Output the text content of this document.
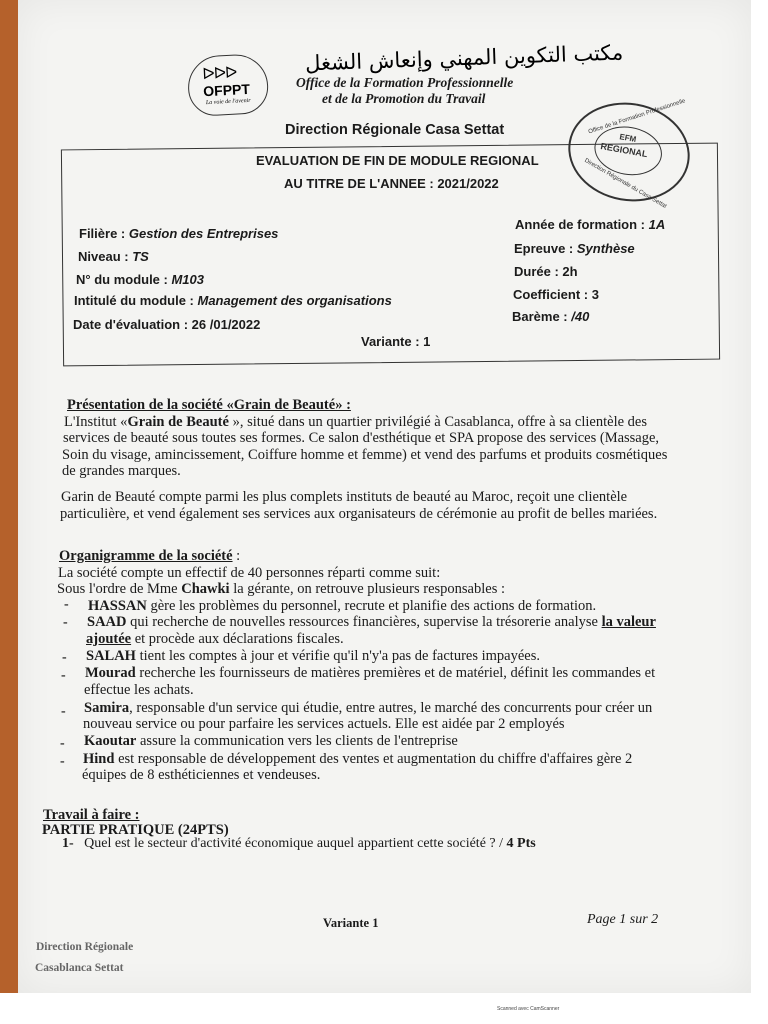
ᐅᐅᐅ
OFPPT
La voie de l'avenir
مكتب التكوين المهني وإنعاش الشغل
Office de la Formation Professionnelle
et de la Promotion du Travail
Direction Régionale Casa Settat
EFM
REGIONAL
Office de la Formation Professionnelle
Direction Régionale du Casa Settat
EVALUATION DE FIN DE MODULE REGIONAL
AU TITRE DE L'ANNEE : 2021/2022
Filière : Gestion des Entreprises
Niveau : TS
N° du module : M103
Intitulé du module : Management des organisations
Date d'évaluation : 26 /01/2022
Année de formation : 1A
Epreuve : Synthèse
Durée : 2h
Coefficient : 3
Barème : /40
Variante : 1
Présentation de la société «Grain de Beauté» :
L'Institut «Grain de Beauté », situé dans un quartier privilégié à Casablanca, offre à sa clientèle des
services de beauté sous toutes ses formes. Ce salon d'esthétique et SPA propose des services (Massage,
Soin du visage, amincissement, Coiffure homme et femme) et vend des parfums et produits cosmétiques
de grandes marques.
Garin de Beauté compte parmi les plus complets instituts de beauté au Maroc, reçoit une clientèle
particulière, et vend également ses services aux organisateurs de cérémonie au profit de belles mariées.
Organigramme de la société :
La société compte un effectif de 40 personnes réparti comme suit:
Sous l'ordre de Mme Chawki la gérante, on retrouve plusieurs responsables :
- HASSAN gère les problèmes du personnel, recrute et planifie des actions de formation.
- SAAD qui recherche de nouvelles ressources financières, supervise la trésorerie analyse la valeur
ajoutée et procède aux déclarations fiscales.
- SALAH tient les comptes à jour et vérifie qu'il n'y'a pas de factures impayées.
- Mourad recherche les fournisseurs de matières premières et de matériel, définit les commandes et
effectue les achats.
- Samira, responsable d'un service qui étudie, entre autres, le marché des concurrents pour créer un
nouveau service ou pour parfaire les services actuels. Elle est aidée par 2 employés
- Kaoutar assure la communication vers les clients de l'entreprise
- Hind est responsable de développement des ventes et augmentation du chiffre d'affaires gère 2
équipes de 8 esthéticiennes et vendeuses.
Travail à faire :
PARTIE PRATIQUE (24PTS)
1- Quel est le secteur d'activité économique auquel appartient cette société ? / 4 Pts
Variante 1	Page 1 sur 2
Direction Régionale
Casablanca Settat
Scanned avec CamScanner
